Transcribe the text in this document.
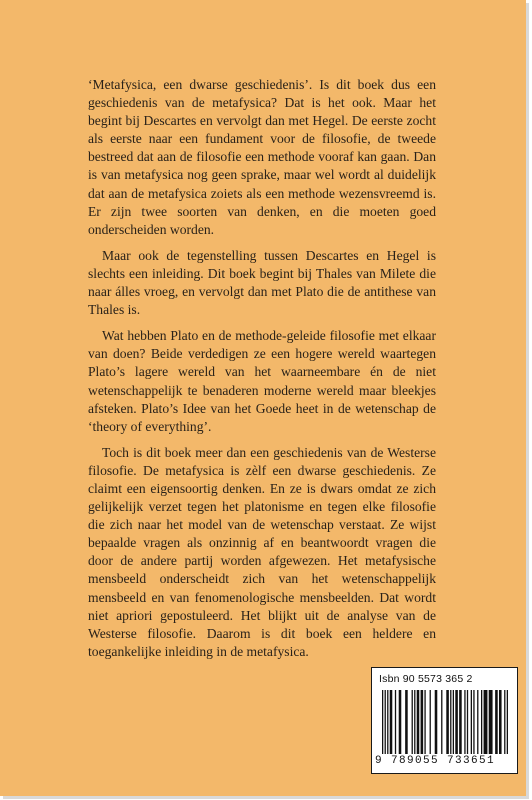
‘Metafysica, een dwarse geschiedenis’. Is dit boek dus een geschiedenis van de metafysica? Dat is het ook. Maar het begint bij Descartes en vervolgt dan met Hegel. De eerste zocht als eerste naar een fundament voor de filosofie, de tweede bestreed dat aan de filosofie een methode vooraf kan gaan. Dan is van metafysica nog geen sprake, maar wel wordt al duidelijk dat aan de metafysica zoiets als een methode wezensvreemd is. Er zijn twee soorten van denken, en die moeten goed onderscheiden worden.

Maar ook de tegenstelling tussen Descartes en Hegel is slechts een inleiding. Dit boek begint bij Thales van Milete die naar álles vroeg, en vervolgt dan met Plato die de antithese van Thales is.

Wat hebben Plato en de methode-geleide filosofie met elkaar van doen? Beide verdedigen ze een hogere wereld waartegen Plato’s lagere wereld van het waarneembare én de niet wetenschappelijk te benaderen moderne wereld maar bleekjes afsteken. Plato’s Idee van het Goede heet in de wetenschap de ‘theory of everything’.

Toch is dit boek meer dan een geschiedenis van de Westerse filosofie. De metafysica is zèlf een dwarse geschiedenis. Ze claimt een eigensoortig denken. En ze is dwars omdat ze zich gelijkelijk verzet tegen het platonisme en tegen elke filosofie die zich naar het model van de wetenschap verstaat. Ze wijst bepaalde vragen als onzinnig af en beantwoordt vragen die door de andere partij worden afgewezen. Het metafysische mensbeeld onderscheidt zich van het wetenschappelijk mensbeeld en van fenomenologische mensbeelden. Dat wordt niet apriori gepostuleerd. Het blijkt uit de analyse van de Westerse filosofie. Daarom is dit boek een heldere en toegankelijke inleiding in de metafysica.

Isbn 90 5573 365 2
9 789055 733651
